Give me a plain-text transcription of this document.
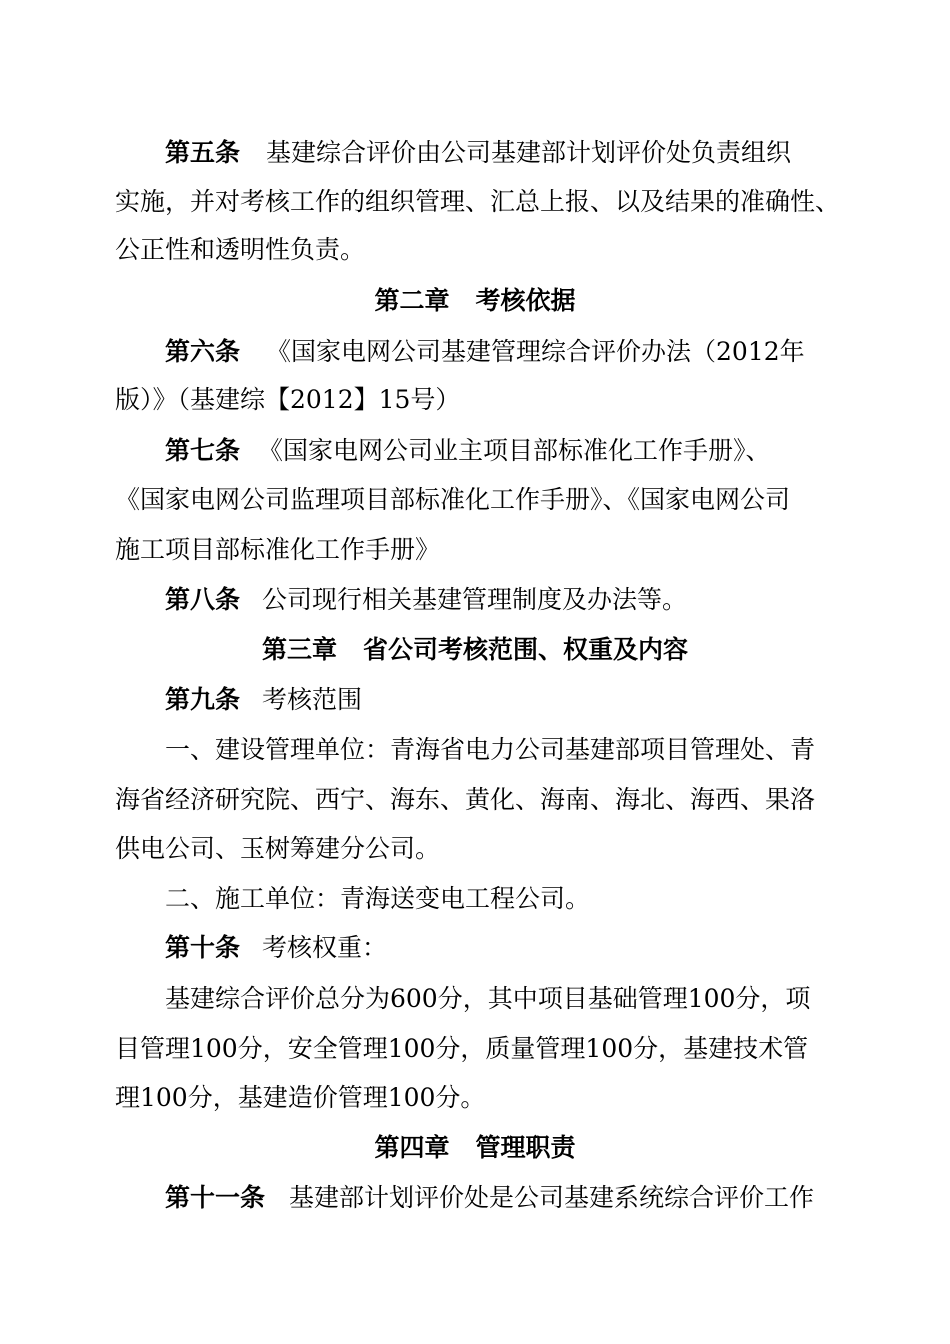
第五条 基建综合评价由公司基建部计划评价处负责组织
实施，并对考核工作的组织管理、汇总上报、以及结果的准确性、
公正性和透明性负责。
第二章 考核依据
第六条 《国家电网公司基建管理综合评价办法（2012年
版）》（基建综【2012】15号）
第七条 《国家电网公司业主项目部标准化工作手册》、
《国家电网公司监理项目部标准化工作手册》、《国家电网公司
施工项目部标准化工作手册》
第八条 公司现行相关基建管理制度及办法等。
第三章 省公司考核范围、权重及内容
第九条 考核范围
一、建设管理单位：青海省电力公司基建部项目管理处、青
海省经济研究院、西宁、海东、黄化、海南、海北、海西、果洛
供电公司、玉树筹建分公司。
二、施工单位：青海送变电工程公司。
第十条 考核权重：
基建综合评价总分为600分，其中项目基础管理100分，项
目管理100分，安全管理100分，质量管理100分，基建技术管
理100分，基建造价管理100分。
第四章 管理职责
第十一条 基建部计划评价处是公司基建系统综合评价工作
